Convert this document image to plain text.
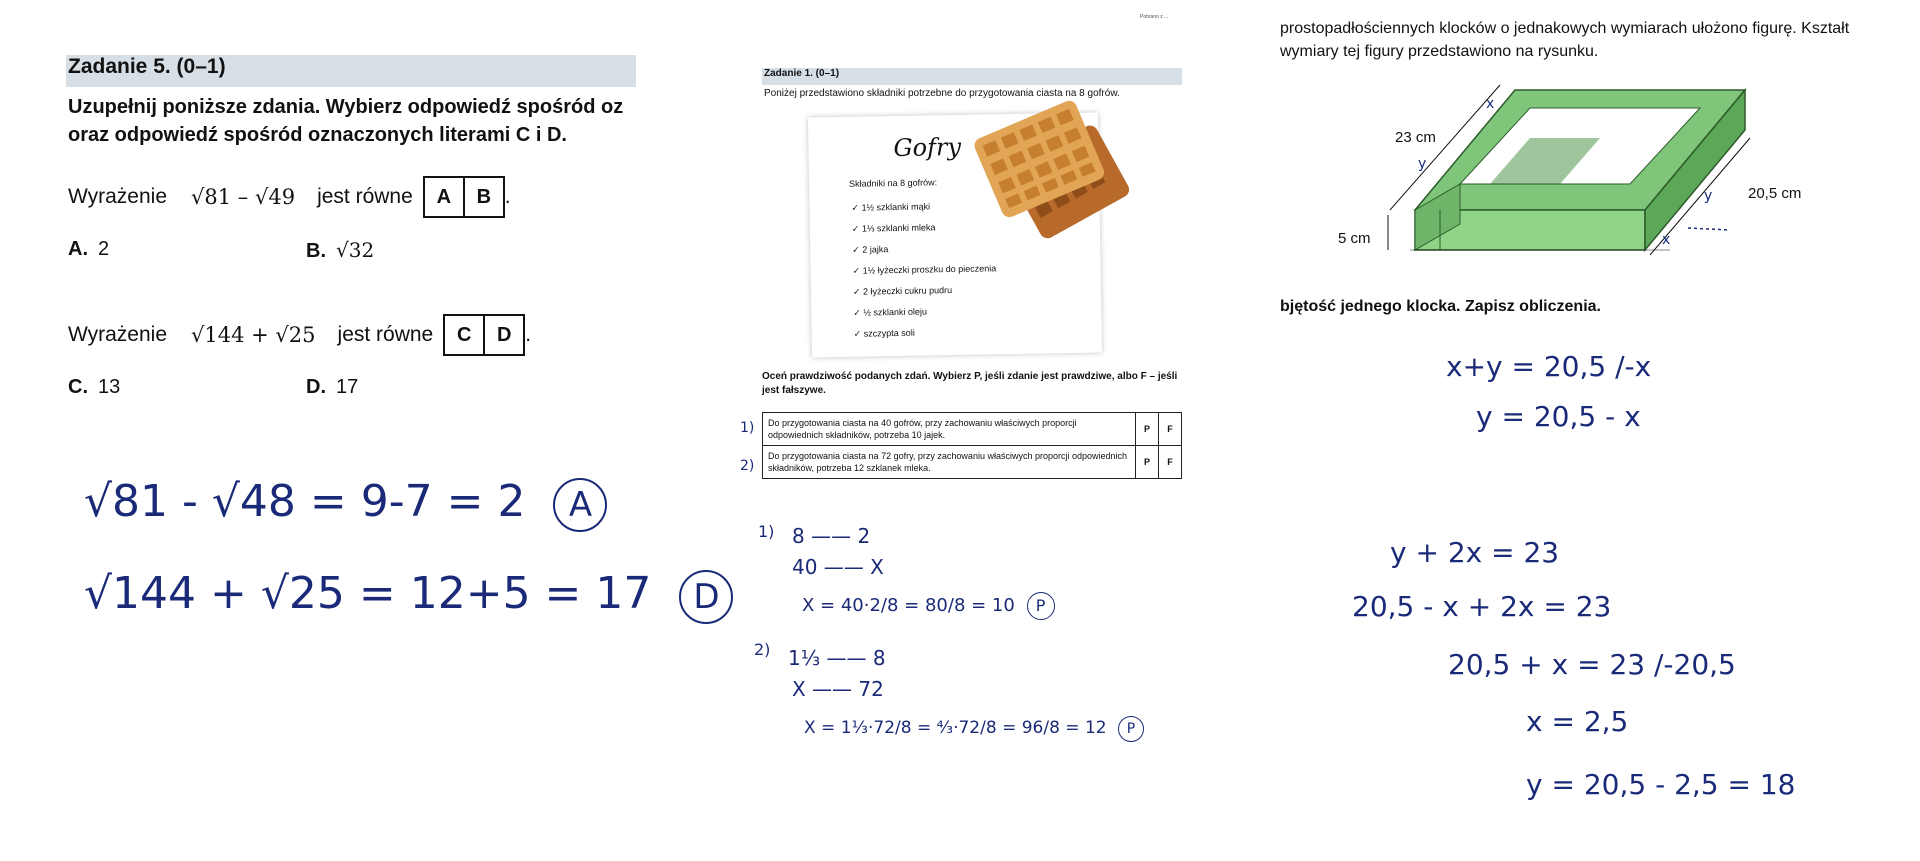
Zadanie 5. (0–1)
Uzupełnij poniższe zdania. Wybierz odpowiedź spośród oz
oraz odpowiedź spośród oznaczonych literami C i D.
Wyrażenie √81 – √49 jest równe	A	B .
A. 2	B. √32
Wyrażenie √144 + √25 jest równe	C	D .
C. 13	D. 17
√81 - √48 = 9-7 = 2 A
√144 + √25 = 12+5 = 17 D
Pobrano z ...
Zadanie 1. (0–1)
Poniżej przedstawiono składniki potrzebne do przygotowania ciasta na 8 gofrów.
Gofry
Składniki na 8 gofrów:
✓ 1½ szklanki mąki
✓ 1⅓ szklanki mleka
✓ 2 jajka
✓ 1½ łyżeczki proszku do pieczenia
✓ 2 łyżeczki cukru pudru
✓ ½ szklanki oleju
✓ szczypta soli
Oceń prawdziwość podanych zdań. Wybierz P, jeśli zdanie jest prawdziwe, albo F – jeśli jest fałszywe.
1)
2)
Do przygotowania ciasta na 40 gofrów, przy zachowaniu właściwych proporcji odpowiednich składników, potrzeba 10 jajek.	P	F
Do przygotowania ciasta na 72 gofry, przy zachowaniu właściwych proporcji odpowiednich składników, potrzeba 12 szklanek mleka.	P	F
1) 8 —— 2
40 —— X
X = 40·2/8 = 80/8 = 10 P
2) 1⅓ —— 8
X —— 72
X = 1⅓·72/8 = ⁴⁄₃·72/8 = 96/8 = 12 P
prostopadłościennych klocków o jednakowych wymiarach ułożono figurę. Kształt
wymiary tej figury przedstawiono na rysunku.
23 cm
5 cm
20,5 cm
y
y
x
x
bjętość jednego klocka. Zapisz obliczenia.
x+y = 20,5 /-x
y = 20,5 - x
y + 2x = 23
20,5 - x + 2x = 23
20,5 + x = 23 /-20,5
x = 2,5
y = 20,5 - 2,5 = 18
